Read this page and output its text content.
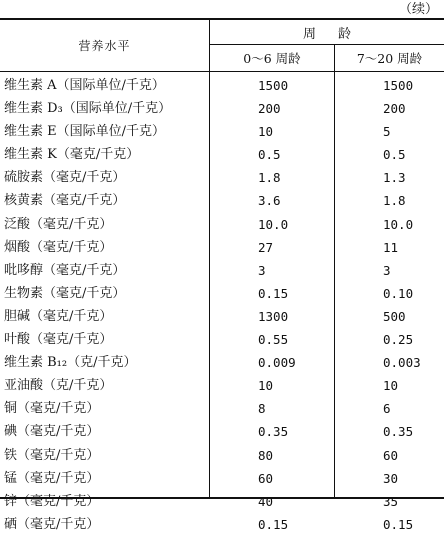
（续）
营养水平
周龄
0～6 周龄	7～20 周龄
维生素 A（国际单位/千克）	1500	1500
维生素 D₃（国际单位/千克）	200	200
维生素 E（国际单位/千克）	10	5
维生素 K（毫克/千克）	0.5	0.5
硫胺素（毫克/千克）	1.8	1.3
核黄素（毫克/千克）	3.6	1.8
泛酸（毫克/千克）	10.0	10.0
烟酸（毫克/千克）	27	11
吡哆醇（毫克/千克）	3	3
生物素（毫克/千克）	0.15	0.10
胆碱（毫克/千克）	1300	500
叶酸（毫克/千克）	0.55	0.25
维生素 B₁₂（克/千克）	0.009	0.003
亚油酸（克/千克）	10	10
铜（毫克/千克）	8	6
碘（毫克/千克）	0.35	0.35
铁（毫克/千克）	80	60
锰（毫克/千克）	60	30
锌（毫克/千克）	40	35
硒（毫克/千克）	0.15	0.15
